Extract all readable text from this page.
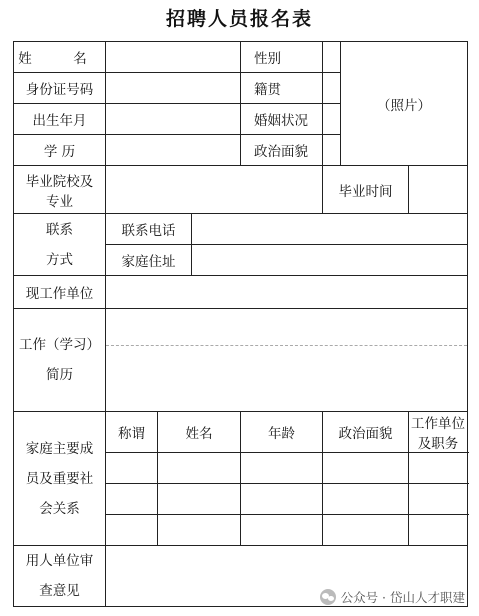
招聘人员报名表
姓　名				性别		（照片）	
身份证号码				籍贯			
出生年月				婚姻状况			
学 历				政治面貌			

毕业院校及
专业					毕业时间		

联系
方式	联系电话						
	家庭住址						
现工作单位							

工作（学习）
简历							

家庭主要成
员及重要社
会关系	称谓	姓名		年龄	政治面貌		工作单位及职务

用人单位审
查意见							
		公众号 · 岱山人才职建
